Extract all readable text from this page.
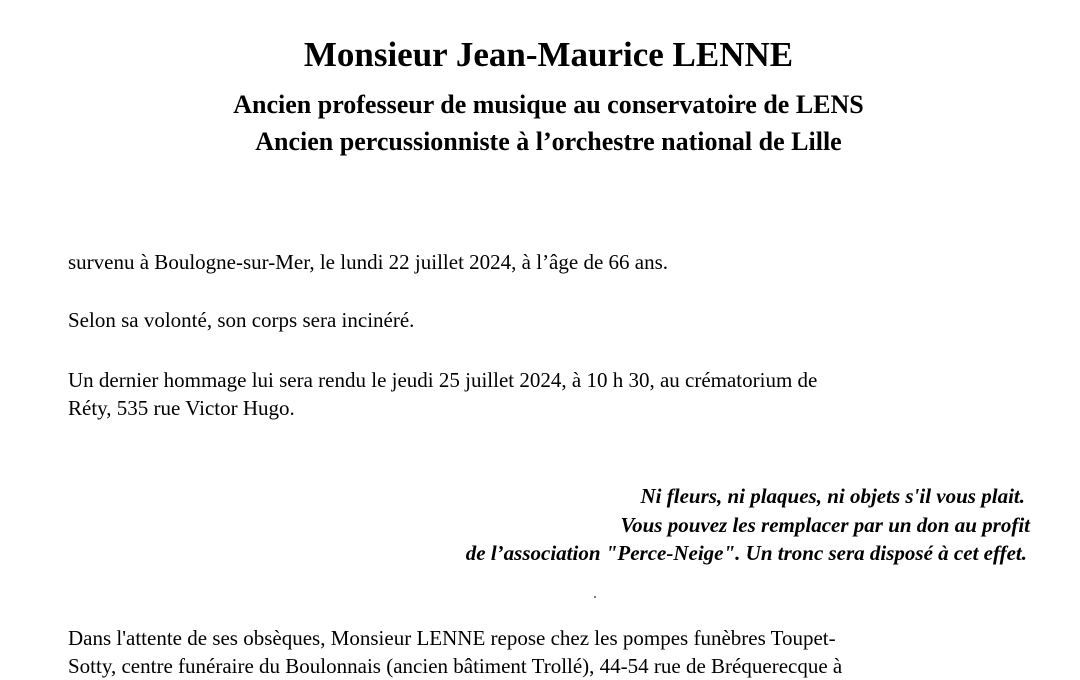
Monsieur Jean-Maurice LENNE
Ancien professeur de musique au conservatoire de LENS
Ancien percussionniste à l’orchestre national de Lille
survenu à Boulogne-sur-Mer, le lundi 22 juillet 2024, à l’âge de 66 ans.
Selon sa volonté, son corps sera incinéré.
Un dernier hommage lui sera rendu le jeudi 25 juillet 2024, à 10 h 30, au crématorium de
Réty, 535 rue Victor Hugo.
Ni fleurs, ni plaques, ni objets s'il vous plait.
Vous pouvez les remplacer par un don au profit
de l’association "Perce-Neige". Un tronc sera disposé à cet effet.
Dans l'attente de ses obsèques, Monsieur LENNE repose chez les pompes funèbres Toupet-
Sotty, centre funéraire du Boulonnais (ancien bâtiment Trollé), 44-54 rue de Bréquerecque à
